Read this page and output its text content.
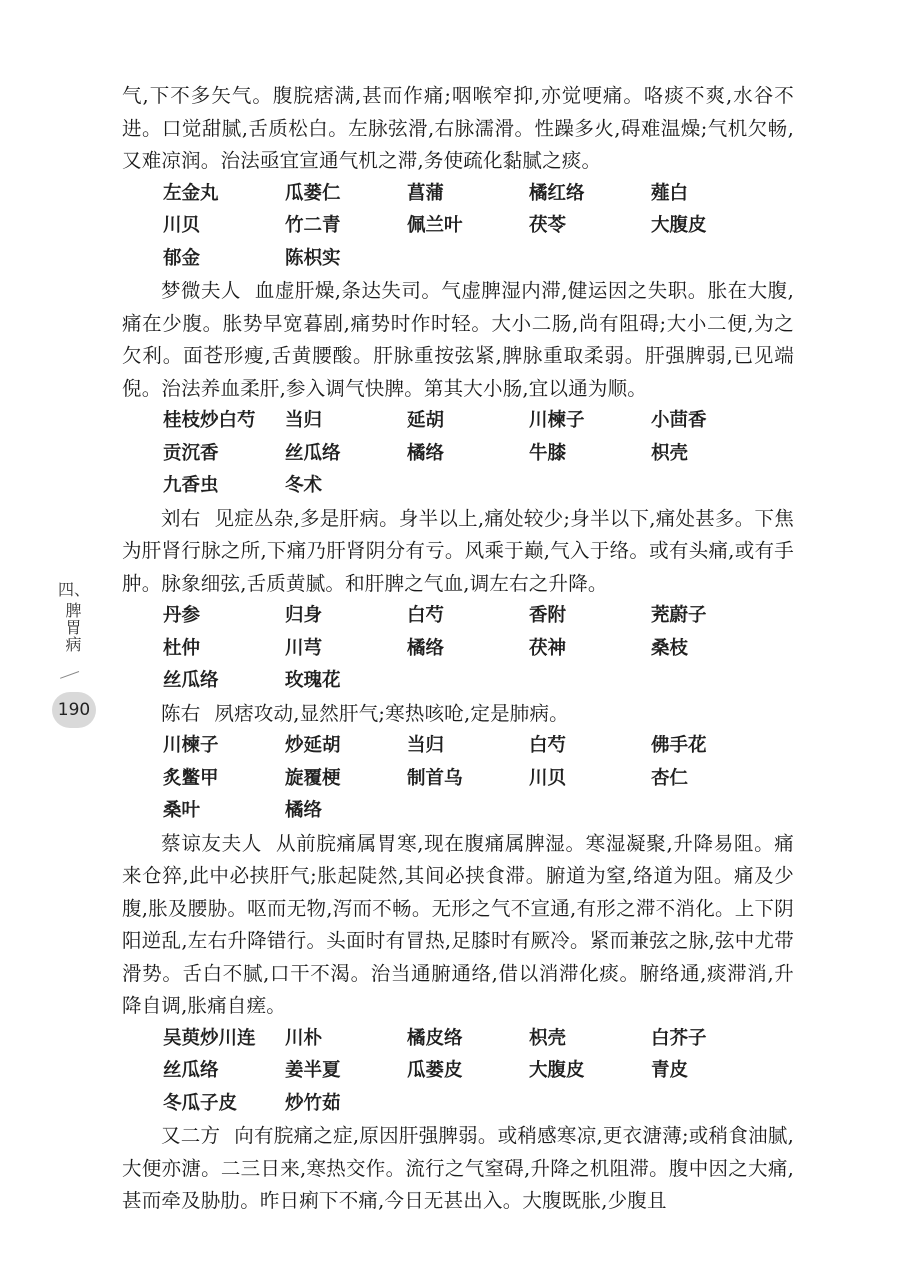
气,下不多矢气。腹脘痞满,甚而作痛;咽喉窄抑,亦觉哽痛。咯痰不爽,水谷不进。口觉甜腻,舌质松白。左脉弦滑,右脉濡滑。性躁多火,碍难温燥;气机欠畅,又难凉润。治法亟宜宣通气机之滞,务使疏化黏腻之痰。

左金丸	瓜蒌仁	菖蒲	橘红络	薤白
川贝	竹二青	佩兰叶	茯苓	大腹皮
郁金	陈枳实

梦微夫人 血虚肝燥,条达失司。气虚脾湿内滞,健运因之失职。胀在大腹,痛在少腹。胀势早宽暮剧,痛势时作时轻。大小二肠,尚有阻碍;大小二便,为之欠利。面苍形瘦,舌黄腰酸。肝脉重按弦紧,脾脉重取柔弱。肝强脾弱,已见端倪。治法养血柔肝,参入调气快脾。第其大小肠,宜以通为顺。

桂枝炒白芍	当归	延胡	川楝子	小茴香
贡沉香	丝瓜络	橘络	牛膝	枳壳
九香虫	冬术

刘右 见症丛杂,多是肝病。身半以上,痛处较少;身半以下,痛处甚多。下焦为肝肾行脉之所,下痛乃肝肾阴分有亏。风乘于巅,气入于络。或有头痛,或有手肿。脉象细弦,舌质黄腻。和肝脾之气血,调左右之升降。

丹参	归身	白芍	香附	茺蔚子
杜仲	川芎	橘络	茯神	桑枝
丝瓜络	玫瑰花

陈右 夙痞攻动,显然肝气;寒热咳呛,定是肺病。

川楝子	炒延胡	当归	白芍	佛手花
炙鳖甲	旋覆梗	制首乌	川贝	杏仁
桑叶	橘络

蔡谅友夫人 从前脘痛属胃寒,现在腹痛属脾湿。寒湿凝聚,升降易阻。痛来仓猝,此中必挟肝气;胀起陡然,其间必挟食滞。腑道为窒,络道为阻。痛及少腹,胀及腰胁。呕而无物,泻而不畅。无形之气不宣通,有形之滞不消化。上下阴阳逆乱,左右升降错行。头面时有冒热,足膝时有厥冷。紧而兼弦之脉,弦中尤带滑势。舌白不腻,口干不渴。治当通腑通络,借以消滞化痰。腑络通,痰滞消,升降自调,胀痛自瘥。

吴萸炒川连	川朴	橘皮络	枳壳	白芥子
丝瓜络	姜半夏	瓜蒌皮	大腹皮	青皮
冬瓜子皮	炒竹茹

又二方 向有脘痛之症,原因肝强脾弱。或稍感寒凉,更衣溏薄;或稍食油腻,大便亦溏。二三日来,寒热交作。流行之气窒碍,升降之机阻滞。腹中因之大痛,甚而牵及胁肋。昨日痢下不痛,今日无甚出入。大腹既胀,少腹且

四、
脾胃病
190
